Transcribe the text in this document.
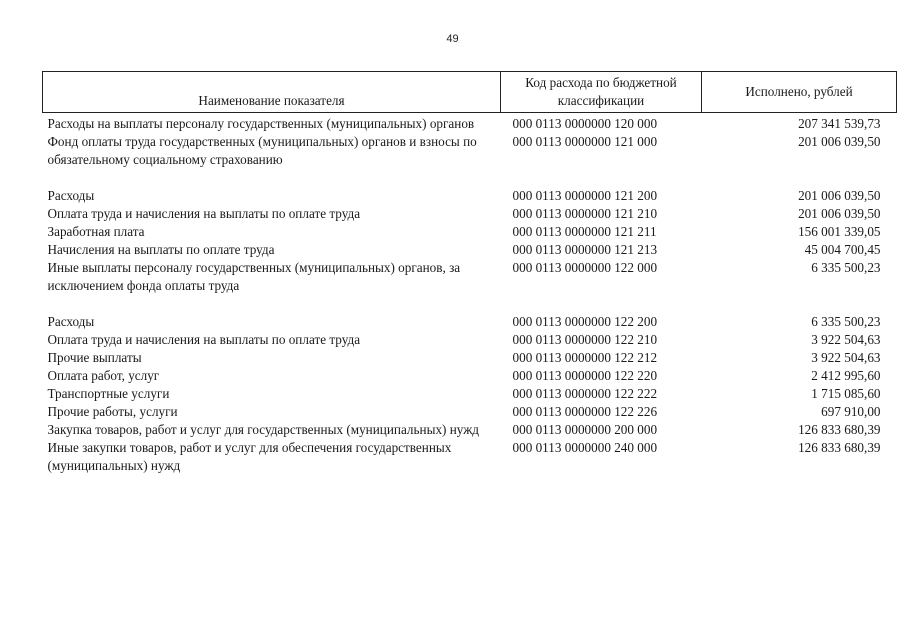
49
Наименование показателя	Код расхода по бюджетной классификации	Исполнено, рублей
Расходы на выплаты персоналу государственных (муниципальных) органов	000 0113 0000000 120 000	207 341 539,73
Фонд оплаты труда государственных (муниципальных) органов и взносы по обязательному социальному страхованию	000 0113 0000000 121 000	201 006 039,50

Расходы	000 0113 0000000 121 200	201 006 039,50
Оплата труда и начисления на выплаты по оплате труда	000 0113 0000000 121 210	201 006 039,50
Заработная плата	000 0113 0000000 121 211	156 001 339,05
Начисления на выплаты по оплате труда	000 0113 0000000 121 213	45 004 700,45
Иные выплаты персоналу государственных (муниципальных) органов, за исключением фонда оплаты труда	000 0113 0000000 122 000	6 335 500,23

Расходы	000 0113 0000000 122 200	6 335 500,23
Оплата труда и начисления на выплаты по оплате труда	000 0113 0000000 122 210	3 922 504,63
Прочие выплаты	000 0113 0000000 122 212	3 922 504,63
Оплата работ, услуг	000 0113 0000000 122 220	2 412 995,60
Транспортные услуги	000 0113 0000000 122 222	1 715 085,60
Прочие работы, услуги	000 0113 0000000 122 226	697 910,00
Закупка товаров, работ и услуг для государственных (муниципальных) нужд	000 0113 0000000 200 000	126 833 680,39
Иные закупки товаров, работ и услуг для обеспечения государственных (муниципальных) нужд	000 0113 0000000 240 000	126 833 680,39
